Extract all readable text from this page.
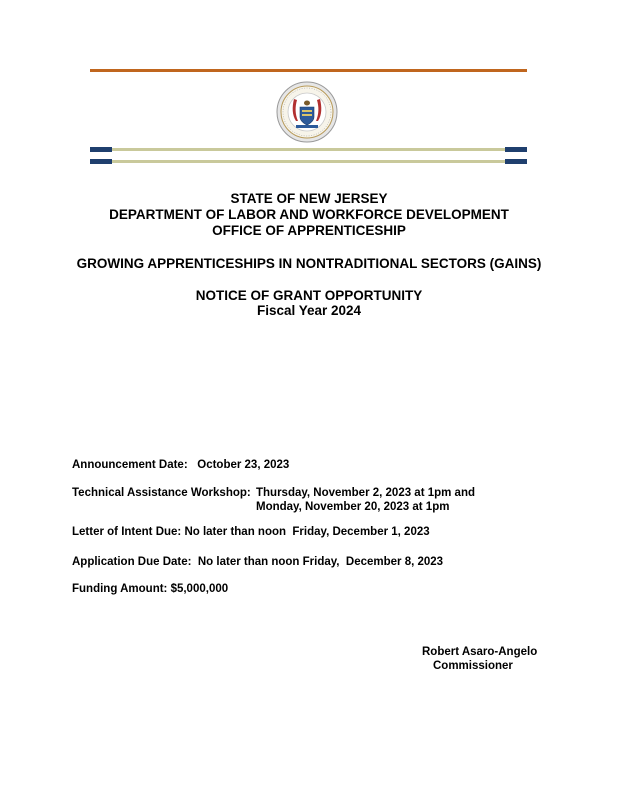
STATE OF NEW JERSEY
DEPARTMENT OF LABOR AND WORKFORCE DEVELOPMENT
OFFICE OF APPRENTICESHIP
GROWING APPRENTICESHIPS IN NONTRADITIONAL SECTORS (GAINS)
NOTICE OF GRANT OPPORTUNITY
Fiscal Year 2024
Announcement Date: October 23, 2023
Technical Assistance Workshop: Thursday, November 2, 2023 at 1pm and
Monday, November 20, 2023 at 1pm
Letter of Intent Due: No later than noon  Friday, December 1, 2023
Application Due Date:  No later than noon Friday,  December 8, 2023
Funding Amount: $5,000,000
Robert Asaro-Angelo
Commissioner
